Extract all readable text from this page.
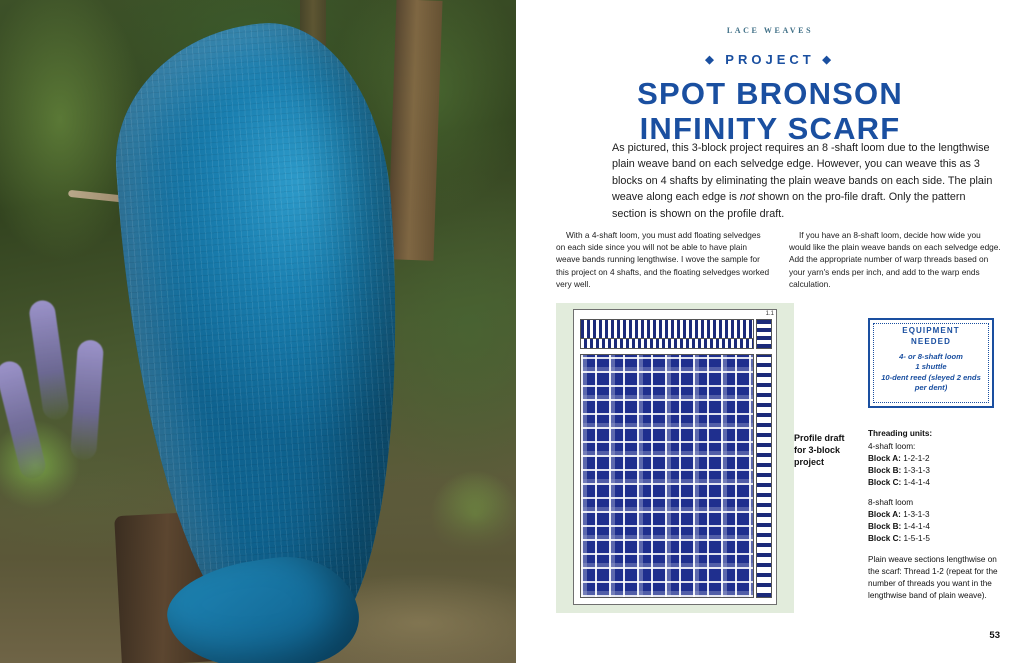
LACE WEAVES
◆ PROJECT ◆
SPOT BRONSON
INFINITY SCARF
As pictured, this 3-block project requires an 8 -shaft loom due to the lengthwise plain weave band on each selvedge edge. However, you can weave this as 3 blocks on 4 shafts by eliminating the plain weave bands on each side. The plain weave along each edge is not shown on the pro-file draft. Only the pattern section is shown on the profile draft.
With a 4-shaft loom, you must add floating selvedges on each side since you will not be able to have plain weave bands running lengthwise. I wove the sample for this project on 4 shafts, and the floating selvedges worked very well.
If you have an 8-shaft loom, decide how wide you would like the plain weave bands on each selvedge edge. Add the appropriate number of warp threads based on your yarn's ends per inch, and add to the warp ends calculation.
1.1
Profile draft for 3-block project
EQUIPMENT
NEEDED
4- or 8-shaft loom
1 shuttle
10-dent reed (sleyed 2 ends per dent)
Threading units:
4-shaft loom:
Block A: 1-2-1-2
Block B: 1-3-1-3
Block C: 1-4-1-4
8-shaft loom
Block A: 1-3-1-3
Block B: 1-4-1-4
Block C: 1-5-1-5
Plain weave sections lengthwise on the scarf: Thread 1-2 (repeat for the number of threads you want in the lengthwise band of plain weave).
53
